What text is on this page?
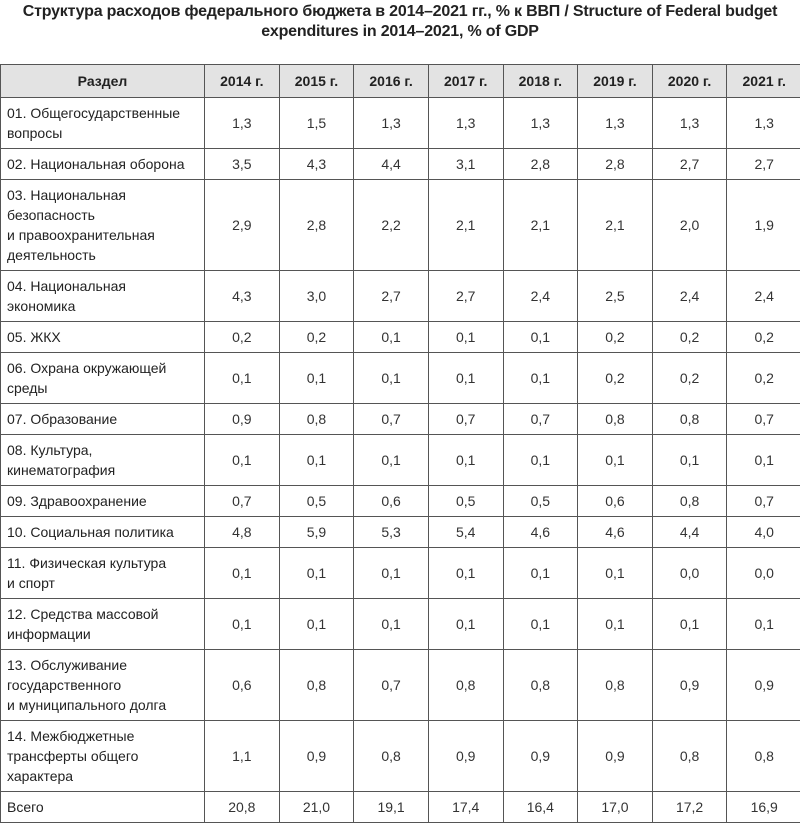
Структура расходов федерального бюджета в 2014–2021 гг., % к ВВП / Structure of Federal budget
expenditures in 2014–2021, % of GDP
Раздел	2014 г.	2015 г.	2016 г.	2017 г.	2018 г.	2019 г.	2020 г.	2021 г.
01. Общегосударственные
вопросы	1,3	1,5	1,3	1,3	1,3	1,3	1,3	1,3
02. Национальная оборона	3,5	4,3	4,4	3,1	2,8	2,8	2,7	2,7
03. Национальная
безопасность
и правоохранительная
деятельность	2,9	2,8	2,2	2,1	2,1	2,1	2,0	1,9
04. Национальная
экономика	4,3	3,0	2,7	2,7	2,4	2,5	2,4	2,4
05. ЖКХ	0,2	0,2	0,1	0,1	0,1	0,2	0,2	0,2
06. Охрана окружающей
среды	0,1	0,1	0,1	0,1	0,1	0,2	0,2	0,2
07. Образование	0,9	0,8	0,7	0,7	0,7	0,8	0,8	0,7
08. Культура,
кинематография	0,1	0,1	0,1	0,1	0,1	0,1	0,1	0,1
09. Здравоохранение	0,7	0,5	0,6	0,5	0,5	0,6	0,8	0,7
10. Социальная политика	4,8	5,9	5,3	5,4	4,6	4,6	4,4	4,0
11. Физическая культура
и спорт	0,1	0,1	0,1	0,1	0,1	0,1	0,0	0,0
12. Средства массовой
информации	0,1	0,1	0,1	0,1	0,1	0,1	0,1	0,1
13. Обслуживание
государственного
и муниципального долга	0,6	0,8	0,7	0,8	0,8	0,8	0,9	0,9
14. Межбюджетные
трансферты общего
характера	1,1	0,9	0,8	0,9	0,9	0,9	0,8	0,8
Всего	20,8	21,0	19,1	17,4	16,4	17,0	17,2	16,9
